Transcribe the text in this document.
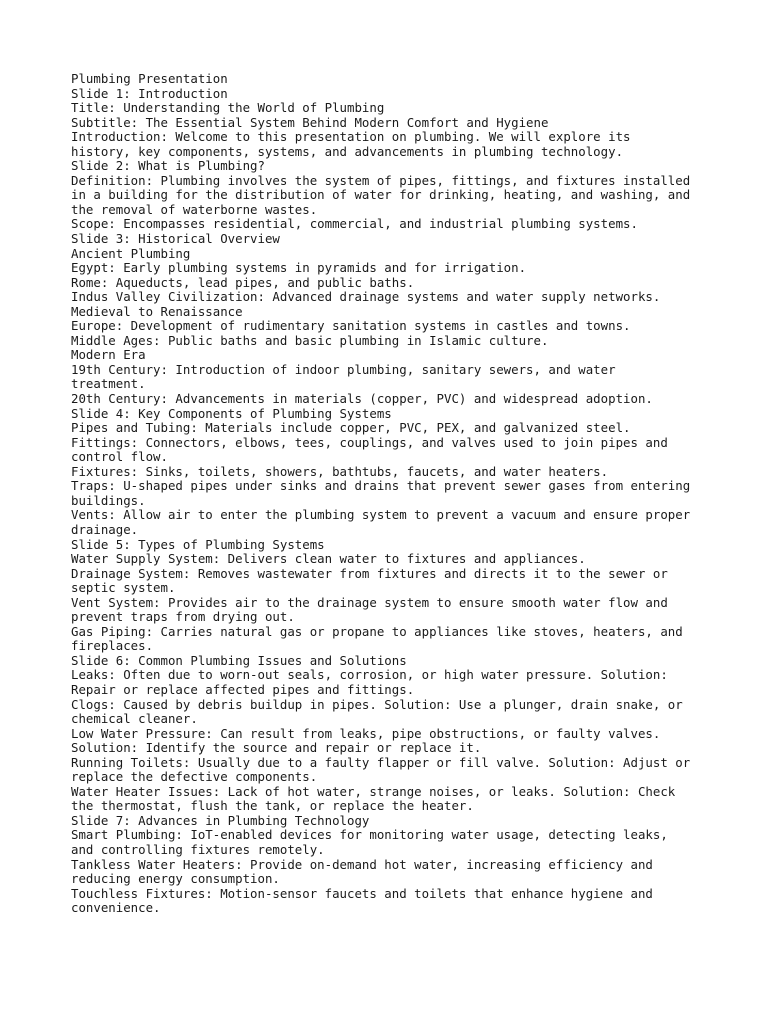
Plumbing Presentation
Slide 1: Introduction
Title: Understanding the World of Plumbing
Subtitle: The Essential System Behind Modern Comfort and Hygiene
Introduction: Welcome to this presentation on plumbing. We will explore its
history, key components, systems, and advancements in plumbing technology.
Slide 2: What is Plumbing?
Definition: Plumbing involves the system of pipes, fittings, and fixtures installed
in a building for the distribution of water for drinking, heating, and washing, and
the removal of waterborne wastes.
Scope: Encompasses residential, commercial, and industrial plumbing systems.
Slide 3: Historical Overview
Ancient Plumbing
Egypt: Early plumbing systems in pyramids and for irrigation.
Rome: Aqueducts, lead pipes, and public baths.
Indus Valley Civilization: Advanced drainage systems and water supply networks.
Medieval to Renaissance
Europe: Development of rudimentary sanitation systems in castles and towns.
Middle Ages: Public baths and basic plumbing in Islamic culture.
Modern Era
19th Century: Introduction of indoor plumbing, sanitary sewers, and water
treatment.
20th Century: Advancements in materials (copper, PVC) and widespread adoption.
Slide 4: Key Components of Plumbing Systems
Pipes and Tubing: Materials include copper, PVC, PEX, and galvanized steel.
Fittings: Connectors, elbows, tees, couplings, and valves used to join pipes and
control flow.
Fixtures: Sinks, toilets, showers, bathtubs, faucets, and water heaters.
Traps: U-shaped pipes under sinks and drains that prevent sewer gases from entering
buildings.
Vents: Allow air to enter the plumbing system to prevent a vacuum and ensure proper
drainage.
Slide 5: Types of Plumbing Systems
Water Supply System: Delivers clean water to fixtures and appliances.
Drainage System: Removes wastewater from fixtures and directs it to the sewer or
septic system.
Vent System: Provides air to the drainage system to ensure smooth water flow and
prevent traps from drying out.
Gas Piping: Carries natural gas or propane to appliances like stoves, heaters, and
fireplaces.
Slide 6: Common Plumbing Issues and Solutions
Leaks: Often due to worn-out seals, corrosion, or high water pressure. Solution:
Repair or replace affected pipes and fittings.
Clogs: Caused by debris buildup in pipes. Solution: Use a plunger, drain snake, or
chemical cleaner.
Low Water Pressure: Can result from leaks, pipe obstructions, or faulty valves.
Solution: Identify the source and repair or replace it.
Running Toilets: Usually due to a faulty flapper or fill valve. Solution: Adjust or
replace the defective components.
Water Heater Issues: Lack of hot water, strange noises, or leaks. Solution: Check
the thermostat, flush the tank, or replace the heater.
Slide 7: Advances in Plumbing Technology
Smart Plumbing: IoT-enabled devices for monitoring water usage, detecting leaks,
and controlling fixtures remotely.
Tankless Water Heaters: Provide on-demand hot water, increasing efficiency and
reducing energy consumption.
Touchless Fixtures: Motion-sensor faucets and toilets that enhance hygiene and
convenience.
